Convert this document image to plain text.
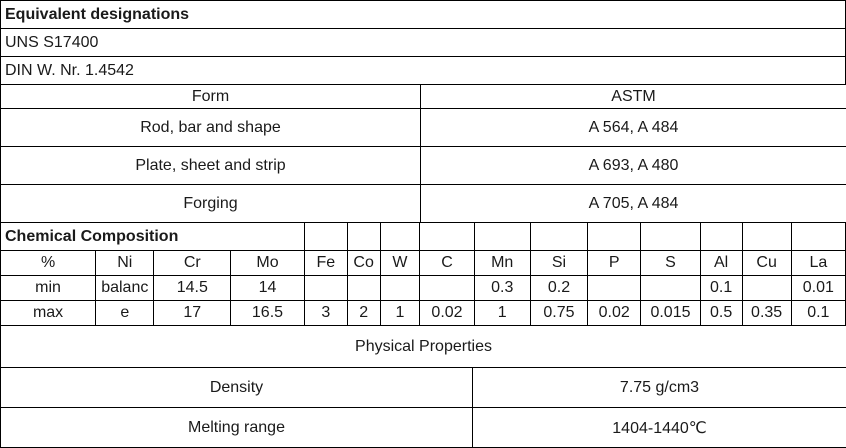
Equivalent designations
UNS S17400
DIN W. Nr. 1.4542
Form	ASTM
Rod, bar and shape	A 564, A 484
Plate, sheet and strip	A 693, A 480
Forging	A 705, A 484
Chemical Composition														
%	Ni	Cr	Mo	Fe	Co	W	C	Mn	Si	P	S	Al	Cu	La
min	balanc	14.5	14					0.3	0.2			0.1		0.01
max	e	17	16.5	3	2	1	0.02	1	0.75	0.02	0.015	0.5	0.35	0.1
Physical Properties	
Density	7.75 g/cm3
Melting range	1404-1440℃
